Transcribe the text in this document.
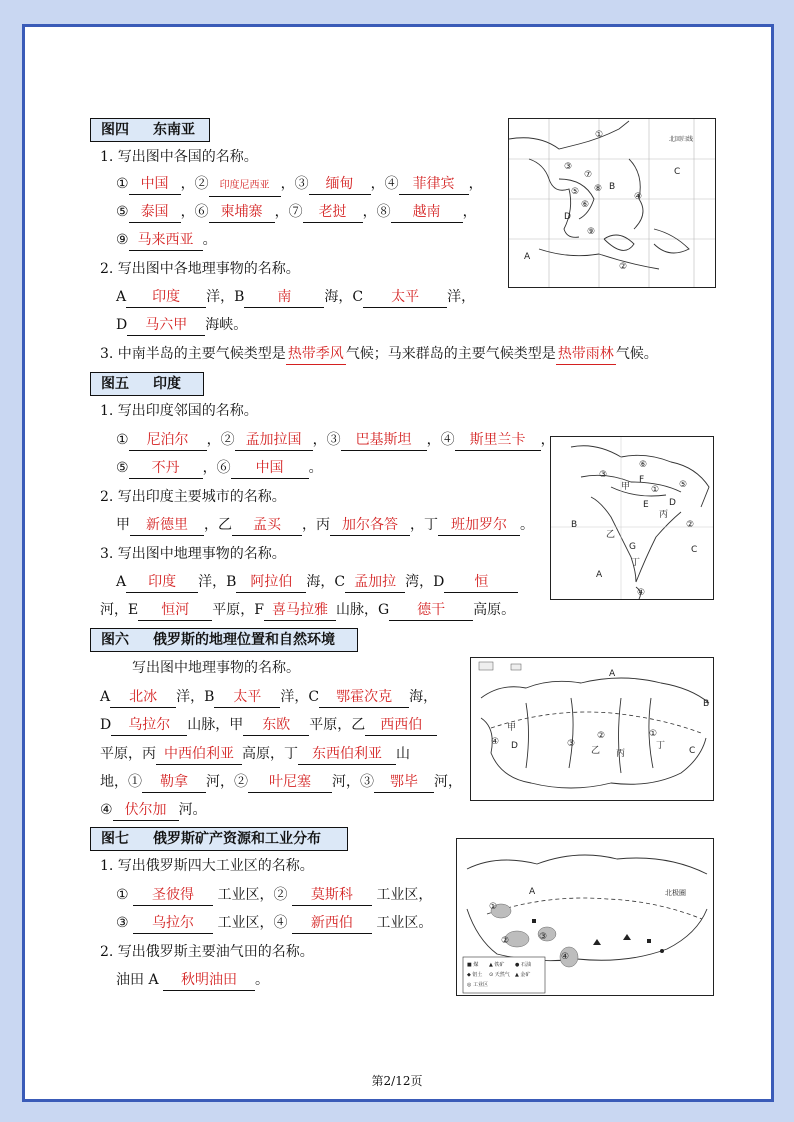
图四 东南亚	①
③
⑦
⑧
⑤
⑥
④
⑨
②
A
B
C
D
北回归线
1. 写出图中各国的名称。
① 中国 ，② 印度尼西亚 ，③ 缅甸 ，④ 菲律宾 ，
⑤ 泰国 ，⑥ 柬埔寨 ，⑦ 老挝 ，⑧ 越南 ，
⑨ 马来西亚 。
2. 写出图中各地理事物的名称。
A 印度 洋，B 南 海，C 太平 洋，
D 马六甲 海峡。
3. 中南半岛的主要气候类型是 热带季风 气候；马来群岛的主要气候类型是 热带雨林 气候。
图五 印度
⑥
甲
乙
丙
丁
①
②
③
④
⑤
A
B
C
D
E
F
G
1. 写出印度邻国的名称。
① 尼泊尔 ，② 孟加拉国 ，③ 巴基斯坦 ，④ 斯里兰卡 ，
⑤ 不丹 ，⑥ 中国 。
2. 写出印度主要城市的名称。
甲 新德里 ，乙 孟买 ，丙 加尔各答 ，丁 班加罗尔 。
3. 写出图中地理事物的名称。
A 印度 洋，B 阿拉伯 海，C 孟加拉 湾，D 恒
河，E 恒河 平原，F 喜马拉雅 山脉，G 德干 高原。
图六 俄罗斯的地理位置和自然环境
A
B
C
D
甲
乙 丙
丁
①
②
③
④
写出图中地理事物的名称。
A 北冰 洋，B 太平 洋，C 鄂霍次克 海，
D 乌拉尔 山脉，甲 东欧 平原，乙 西西伯
平原，丙 中西伯利亚 高原，丁 东西伯利亚 山
地，① 勒拿 河，② 叶尼塞 河，③ 鄂毕 河，
④ 伏尔加 河。
图七 俄罗斯矿产资源和工业分布
A
①
②	③
④
北极圈
■ 煤 ▲ 铁矿 ● 石油
◆ 铝土 ⊙ 天然气 ▲ 金矿
◎ 工业区
1. 写出俄罗斯四大工业区的名称。
① 圣彼得 工业区，② 莫斯科 工业区，
③ 乌拉尔 工业区，④ 新西伯 工业区。
2. 写出俄罗斯主要油气田的名称。
油田 A 秋明油田 。
第2/12页
